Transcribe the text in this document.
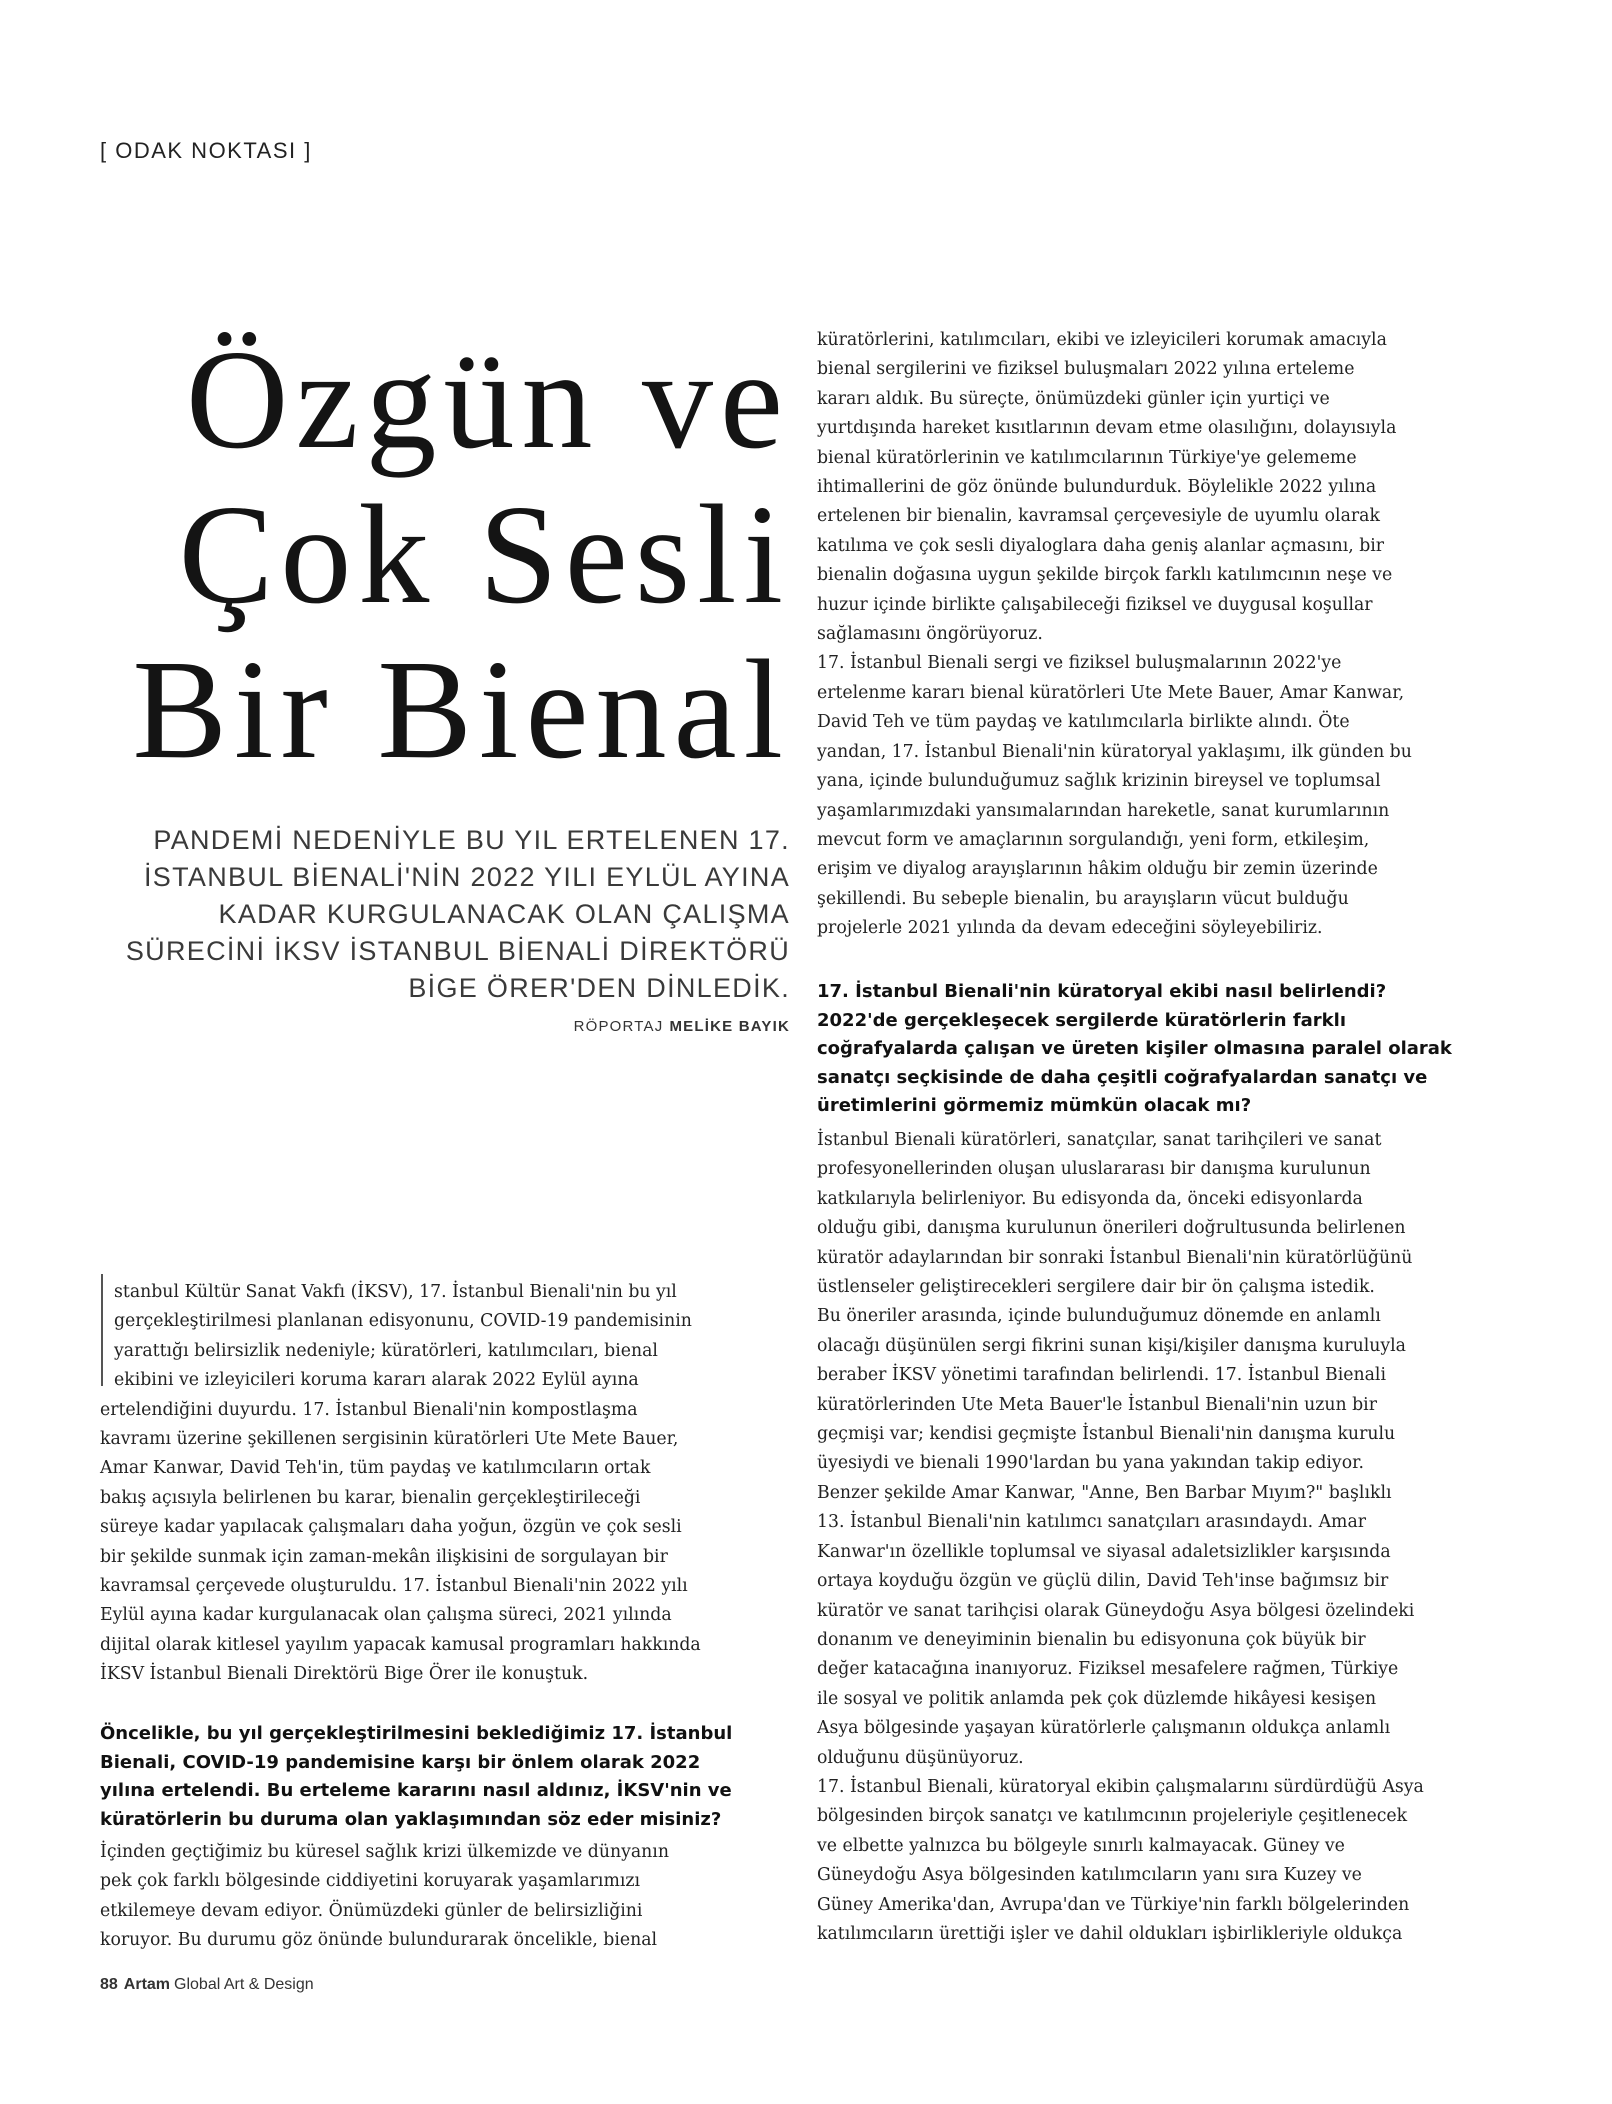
[ ODAK NOKTASI ]
Özgün ve
Çok Sesli
Bir Bienal
PANDEMİ NEDENİYLE BU YIL ERTELENEN 17.
İSTANBUL BİENALİ'NİN 2022 YILI EYLÜL AYINA
KADAR KURGULANACAK OLAN ÇALIŞMA
SÜRECİNİ İKSV İSTANBUL BİENALİ DİREKTÖRÜ
BİGE ÖRER'DEN DİNLEDİK.
RÖPORTAJ MELİKE BAYIK
stanbul Kültür Sanat Vakfı (İKSV), 17. İstanbul Bienali'nin bu yıl
gerçekleştirilmesi planlanan edisyonunu, COVID-19 pandemisinin
yarattığı belirsizlik nedeniyle; küratörleri, katılımcıları, bienal
ekibini ve izleyicileri koruma kararı alarak 2022 Eylül ayına
ertelendiğini duyurdu. 17. İstanbul Bienali'nin kompostlaşma
kavramı üzerine şekillenen sergisinin küratörleri Ute Mete Bauer,
Amar Kanwar, David Teh'in, tüm paydaş ve katılımcıların ortak
bakış açısıyla belirlenen bu karar, bienalin gerçekleştirileceği
süreye kadar yapılacak çalışmaları daha yoğun, özgün ve çok sesli
bir şekilde sunmak için zaman-mekân ilişkisini de sorgulayan bir
kavramsal çerçevede oluşturuldu. 17. İstanbul Bienali'nin 2022 yılı
Eylül ayına kadar kurgulanacak olan çalışma süreci, 2021 yılında
dijital olarak kitlesel yayılım yapacak kamusal programları hakkında
İKSV İstanbul Bienali Direktörü Bige Örer ile konuştuk.
Öncelikle, bu yıl gerçekleştirilmesini beklediğimiz 17. İstanbul
Bienali, COVID-19 pandemisine karşı bir önlem olarak 2022
yılına ertelendi. Bu erteleme kararını nasıl aldınız, İKSV'nin ve
küratörlerin bu duruma olan yaklaşımından söz eder misiniz?
İçinden geçtiğimiz bu küresel sağlık krizi ülkemizde ve dünyanın
pek çok farklı bölgesinde ciddiyetini koruyarak yaşamlarımızı
etkilemeye devam ediyor. Önümüzdeki günler de belirsizliğini
koruyor. Bu durumu göz önünde bulundurarak öncelikle, bienal
küratörlerini, katılımcıları, ekibi ve izleyicileri korumak amacıyla
bienal sergilerini ve fiziksel buluşmaları 2022 yılına erteleme
kararı aldık. Bu süreçte, önümüzdeki günler için yurtiçi ve
yurtdışında hareket kısıtlarının devam etme olasılığını, dolayısıyla
bienal küratörlerinin ve katılımcılarının Türkiye'ye gelememe
ihtimallerini de göz önünde bulundurduk. Böylelikle 2022 yılına
ertelenen bir bienalin, kavramsal çerçevesiyle de uyumlu olarak
katılıma ve çok sesli diyaloglara daha geniş alanlar açmasını, bir
bienalin doğasına uygun şekilde birçok farklı katılımcının neşe ve
huzur içinde birlikte çalışabileceği fiziksel ve duygusal koşullar
sağlamasını öngörüyoruz.
17. İstanbul Bienali sergi ve fiziksel buluşmalarının 2022'ye
ertelenme kararı bienal küratörleri Ute Mete Bauer, Amar Kanwar,
David Teh ve tüm paydaş ve katılımcılarla birlikte alındı. Öte
yandan, 17. İstanbul Bienali'nin küratoryal yaklaşımı, ilk günden bu
yana, içinde bulunduğumuz sağlık krizinin bireysel ve toplumsal
yaşamlarımızdaki yansımalarından hareketle, sanat kurumlarının
mevcut form ve amaçlarının sorgulandığı, yeni form, etkileşim,
erişim ve diyalog arayışlarının hâkim olduğu bir zemin üzerinde
şekillendi. Bu sebeple bienalin, bu arayışların vücut bulduğu
projelerle 2021 yılında da devam edeceğini söyleyebiliriz.
17. İstanbul Bienali'nin küratoryal ekibi nasıl belirlendi?
2022'de gerçekleşecek sergilerde küratörlerin farklı
coğrafyalarda çalışan ve üreten kişiler olmasına paralel olarak
sanatçı seçkisinde de daha çeşitli coğrafyalardan sanatçı ve
üretimlerini görmemiz mümkün olacak mı?
İstanbul Bienali küratörleri, sanatçılar, sanat tarihçileri ve sanat
profesyonellerinden oluşan uluslararası bir danışma kurulunun
katkılarıyla belirleniyor. Bu edisyonda da, önceki edisyonlarda
olduğu gibi, danışma kurulunun önerileri doğrultusunda belirlenen
küratör adaylarından bir sonraki İstanbul Bienali'nin küratörlüğünü
üstlenseler geliştirecekleri sergilere dair bir ön çalışma istedik.
Bu öneriler arasında, içinde bulunduğumuz dönemde en anlamlı
olacağı düşünülen sergi fikrini sunan kişi/kişiler danışma kuruluyla
beraber İKSV yönetimi tarafından belirlendi. 17. İstanbul Bienali
küratörlerinden Ute Meta Bauer'le İstanbul Bienali'nin uzun bir
geçmişi var; kendisi geçmişte İstanbul Bienali'nin danışma kurulu
üyesiydi ve bienali 1990'lardan bu yana yakından takip ediyor.
Benzer şekilde Amar Kanwar, "Anne, Ben Barbar Mıyım?" başlıklı
13. İstanbul Bienali'nin katılımcı sanatçıları arasındaydı. Amar
Kanwar'ın özellikle toplumsal ve siyasal adaletsizlikler karşısında
ortaya koyduğu özgün ve güçlü dilin, David Teh'inse bağımsız bir
küratör ve sanat tarihçisi olarak Güneydoğu Asya bölgesi özelindeki
donanım ve deneyiminin bienalin bu edisyonuna çok büyük bir
değer katacağına inanıyoruz. Fiziksel mesafelere rağmen, Türkiye
ile sosyal ve politik anlamda pek çok düzlemde hikâyesi kesişen
Asya bölgesinde yaşayan küratörlerle çalışmanın oldukça anlamlı
olduğunu düşünüyoruz.
17. İstanbul Bienali, küratoryal ekibin çalışmalarını sürdürdüğü Asya
bölgesinden birçok sanatçı ve katılımcının projeleriyle çeşitlenecek
ve elbette yalnızca bu bölgeyle sınırlı kalmayacak. Güney ve
Güneydoğu Asya bölgesinden katılımcıların yanı sıra Kuzey ve
Güney Amerika'dan, Avrupa'dan ve Türkiye'nin farklı bölgelerinden
katılımcıların ürettiği işler ve dahil oldukları işbirlikleriyle oldukça
88 Artam Global Art & Design
